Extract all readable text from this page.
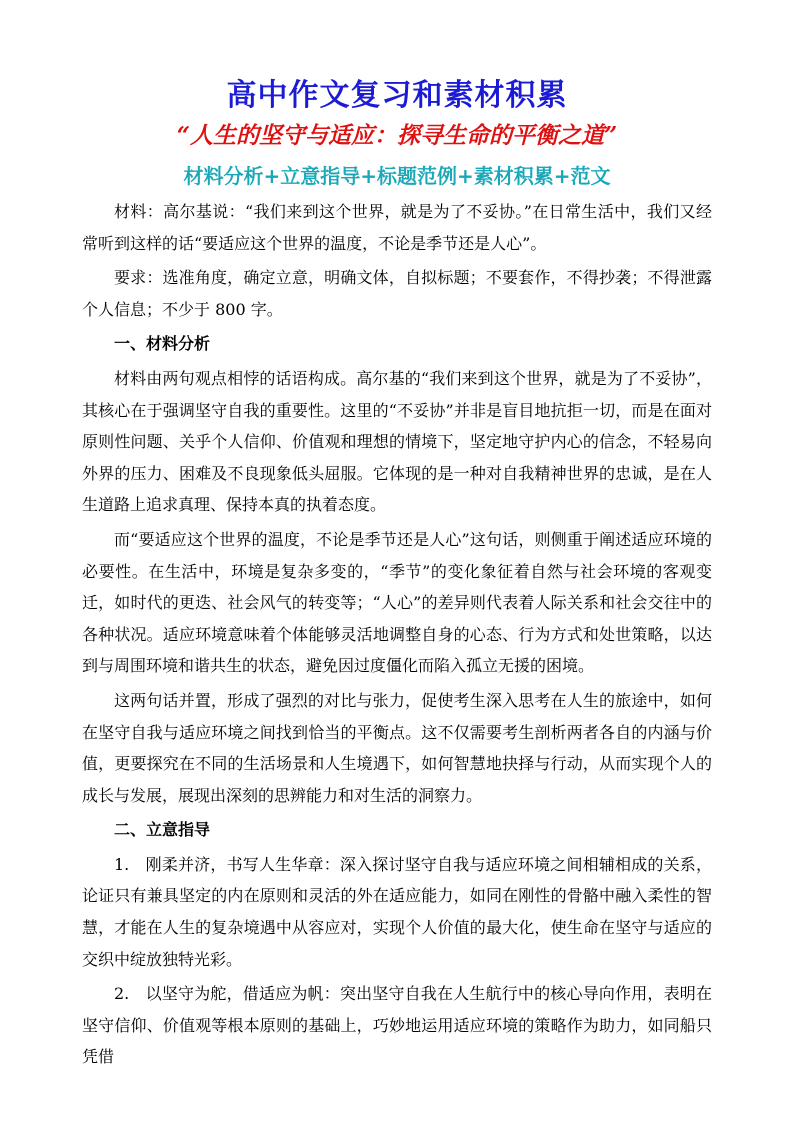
高中作文复习和素材积累
“人生的坚守与适应：探寻生命的平衡之道”
材料分析+立意指导+标题范例+素材积累+范文

材料：高尔基说：“我们来到这个世界，就是为了不妥协。”在日常生活中，我们又经常听到这样的话“要适应这个世界的温度，不论是季节还是人心”。

要求：选准角度，确定立意，明确文体，自拟标题；不要套作，不得抄袭；不得泄露个人信息；不少于 800 字。

一、材料分析

材料由两句观点相悖的话语构成。高尔基的“我们来到这个世界，就是为了不妥协”，其核心在于强调坚守自我的重要性。这里的“不妥协”并非是盲目地抗拒一切，而是在面对原则性问题、关乎个人信仰、价值观和理想的情境下，坚定地守护内心的信念，不轻易向外界的压力、困难及不良现象低头屈服。它体现的是一种对自我精神世界的忠诚，是在人生道路上追求真理、保持本真的执着态度。

而“要适应这个世界的温度，不论是季节还是人心”这句话，则侧重于阐述适应环境的必要性。在生活中，环境是复杂多变的，“季节”的变化象征着自然与社会环境的客观变迁，如时代的更迭、社会风气的转变等；“人心”的差异则代表着人际关系和社会交往中的各种状况。适应环境意味着个体能够灵活地调整自身的心态、行为方式和处世策略，以达到与周围环境和谐共生的状态，避免因过度僵化而陷入孤立无援的困境。

这两句话并置，形成了强烈的对比与张力，促使考生深入思考在人生的旅途中，如何在坚守自我与适应环境之间找到恰当的平衡点。这不仅需要考生剖析两者各自的内涵与价值，更要探究在不同的生活场景和人生境遇下，如何智慧地抉择与行动，从而实现个人的成长与发展，展现出深刻的思辨能力和对生活的洞察力。

二、立意指导

1.　刚柔并济，书写人生华章：深入探讨坚守自我与适应环境之间相辅相成的关系，论证只有兼具坚定的内在原则和灵活的外在适应能力，如同在刚性的骨骼中融入柔性的智慧，才能在人生的复杂境遇中从容应对，实现个人价值的最大化，使生命在坚守与适应的交织中绽放独特光彩。

2.　以坚守为舵，借适应为帆：突出坚守自我在人生航行中的核心导向作用，表明在坚守信仰、价值观等根本原则的基础上，巧妙地运用适应环境的策略作为助力，如同船只凭借
